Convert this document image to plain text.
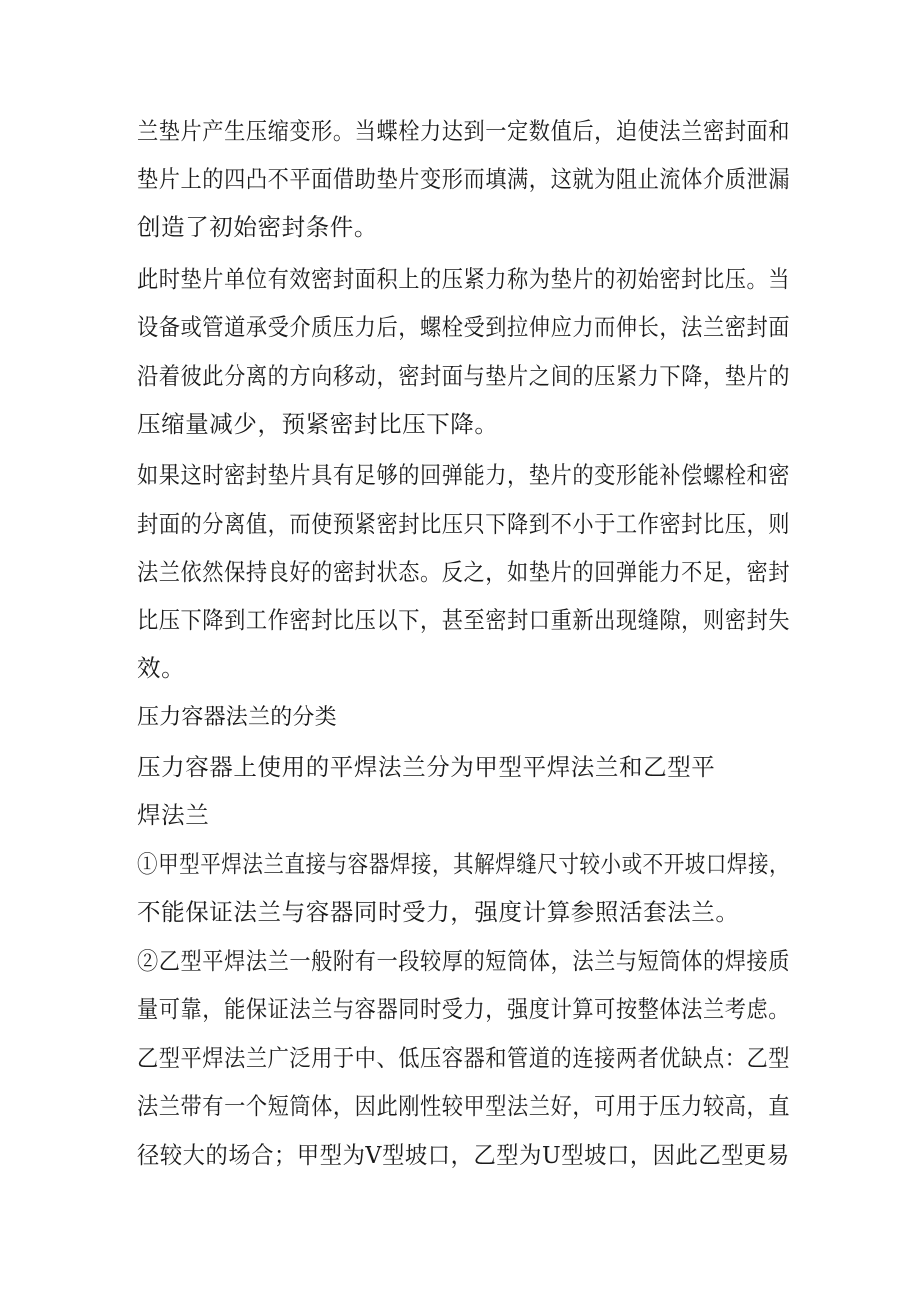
兰垫片产生压缩变形。当蝶栓力达到一定数值后，迫使法兰密封面和

垫片上的四凸不平面借助垫片变形而填满，这就为阻止流体介质泄漏

创造了初始密封条件。

此时垫片单位有效密封面积上的压紧力称为垫片的初始密封比压。当

设备或管道承受介质压力后，螺栓受到拉伸应力而伸长，法兰密封面

沿着彼此分离的方向移动，密封面与垫片之间的压紧力下降，垫片的

压缩量减少，预紧密封比压下降。

如果这时密封垫片具有足够的回弹能力，垫片的变形能补偿螺栓和密

封面的分离值，而使预紧密封比压只下降到不小于工作密封比压，则

法兰依然保持良好的密封状态。反之，如垫片的回弹能力不足，密封

比压下降到工作密封比压以下，甚至密封口重新出现缝隙，则密封失

效。

压力容器法兰的分类

压力容器上使用的平焊法兰分为甲型平焊法兰和乙型平

焊法兰

①甲型平焊法兰直接与容器焊接，其解焊缝尺寸较小或不开坡口焊接，

不能保证法兰与容器同时受力，强度计算参照活套法兰。

②乙型平焊法兰一般附有一段较厚的短筒体，法兰与短筒体的焊接质

量可靠，能保证法兰与容器同时受力，强度计算可按整体法兰考虑。

乙型平焊法兰广泛用于中、低压容器和管道的连接两者优缺点：乙型

法兰带有一个短筒体，因此刚性较甲型法兰好，可用于压力较高，直

径较大的场合；甲型为V型坡口，乙型为U型坡口，因此乙型更易
